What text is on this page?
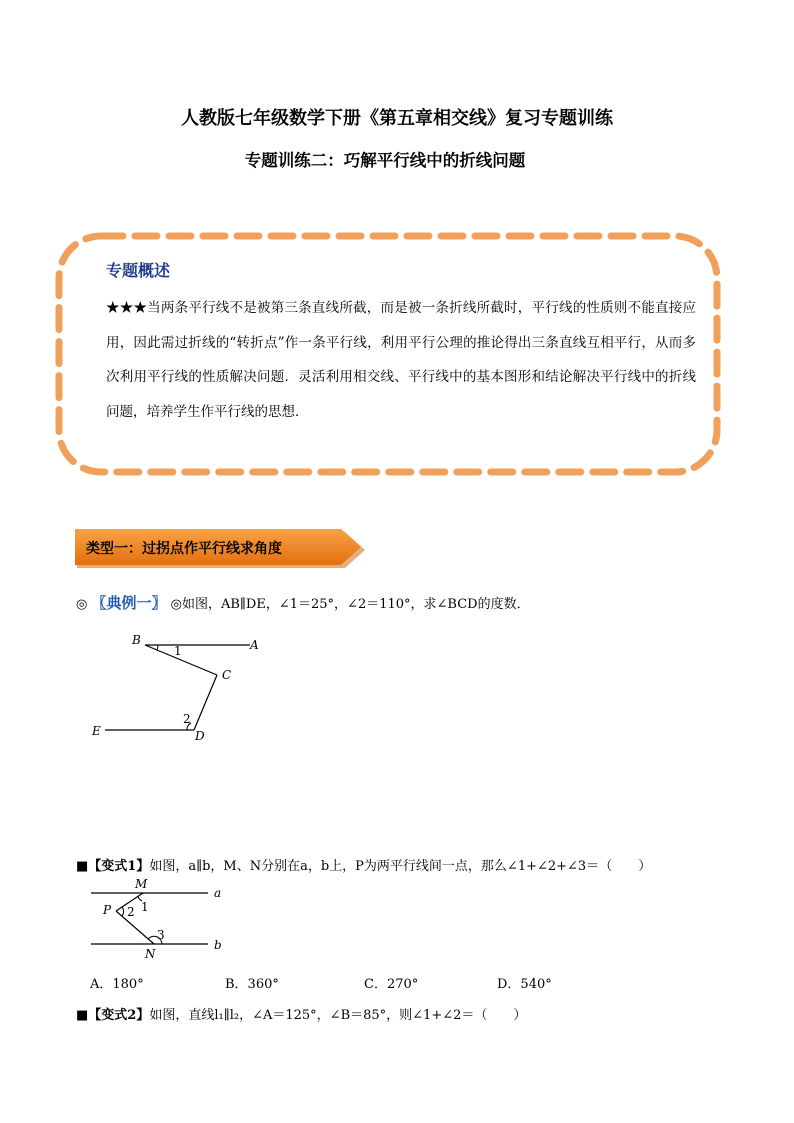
人教版七年级数学下册《第五章相交线》复习专题训练
专题训练二：巧解平行线中的折线问题
专题概述
★★★当两条平行线不是被第三条直线所截，而是被一条折线所截时，平行线的性质则不能直接应用，因此需过折线的“转折点”作一条平行线，利用平行公理的推论得出三条直线互相平行，从而多次利用平行线的性质解决问题．灵活利用相交线、平行线中的基本图形和结论解决平行线中的折线问题，培养学生作平行线的思想．
类型一：过拐点作平行线求角度
◎ 〖典例一〗 ◎如图，AB∥DE，∠1＝25°，∠2＝110°，求∠BCD的度数．
B	A
C
E	D
1
2
■【变式1】如图，a∥b，M、N分别在a，b上，P为两平行线间一点，那么∠1+∠2+∠3＝（　　）
M
P
N
a
b
1
2
3
A．180°	B．360°	C．270°	D．540°
■【变式2】如图，直线l₁∥l₂，∠A＝125°，∠B＝85°，则∠1+∠2＝（　　）
